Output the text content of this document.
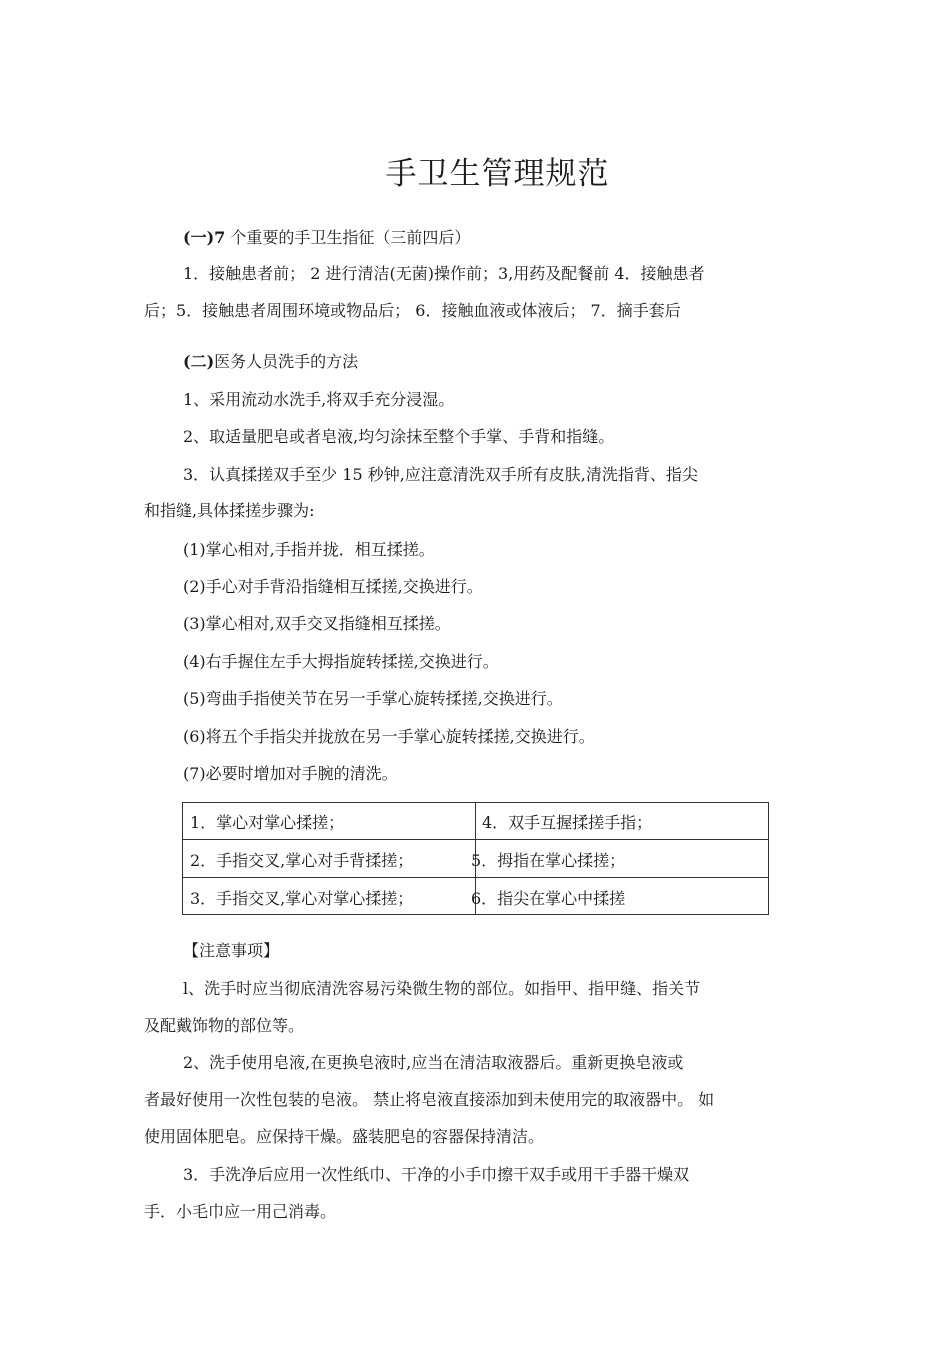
手卫生管理规范
(一)7 个重要的手卫生指征（三前四后）
1．接触患者前； 2 进行清洁(无菌)操作前；3,用药及配餐前 4．接触患者
后；5．接触患者周围环境或物品后； 6．接触血液或体液后； 7．摘手套后
(二)医务人员洗手的方法
1、采用流动水洗手,将双手充分浸湿。
2、取适量肥皂或者皂液,均匀涂抹至整个手掌、手背和指缝。
3．认真揉搓双手至少 15 秒钟,应注意清洗双手所有皮肤,清洗指背、指尖
和指缝,具体揉搓步骤为:
(1)掌心相对,手指并拢．相互揉搓。
(2)手心对手背沿指缝相互揉搓,交换进行。
(3)掌心相对,双手交叉指缝相互揉搓。
(4)右手握住左手大拇指旋转揉搓,交换进行。
(5)弯曲手指使关节在另一手掌心旋转揉搓,交换进行。
(6)将五个手指尖并拢放在另一手掌心旋转揉搓,交换进行。
(7)必要时增加对手腕的清洗。
1．掌心对掌心揉搓；	4．双手互握揉搓手指；
2．手指交叉,掌心对手背揉搓；	5．拇指在掌心揉搓；
3．手指交叉,掌心对掌心揉搓；	6．指尖在掌心中揉搓
【注意事项】
l、洗手时应当彻底清洗容易污染微生物的部位。如指甲、指甲缝、指关节
及配戴饰物的部位等。
2、洗手使用皂液,在更换皂液时,应当在清洁取液器后。重新更换皂液或
者最好使用一次性包装的皂液。 禁止将皂液直接添加到未使用完的取液器中。 如
使用固体肥皂。应保持干燥。盛装肥皂的容器保持清洁。
3．手洗净后应用一次性纸巾、干净的小手巾擦干双手或用干手器干燥双
手．小毛巾应一用己消毒。
